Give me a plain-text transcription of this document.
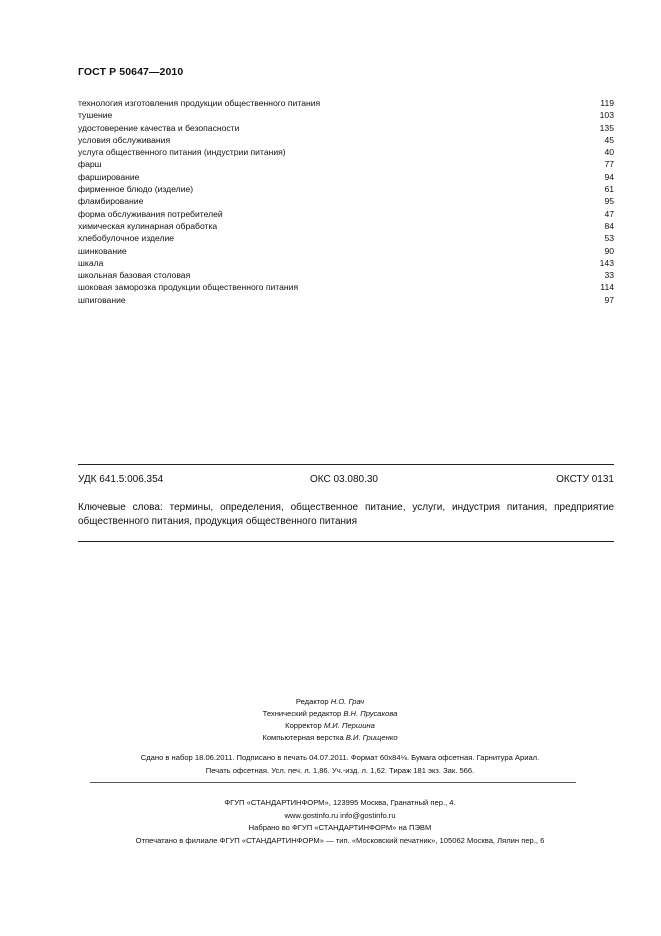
ГОСТ Р 50647—2010
технология изготовления продукции общественного питания	119
тушение	103
удостоверение качества и безопасности	135
условия обслуживания	45
услуга общественного питания (индустрии питания)	40
фарш	77
фарширование	94
фирменное блюдо (изделие)	61
фламбирование	95
форма обслуживания потребителей	47
химическая кулинарная обработка	84
хлебобулочное изделие	53
шинкование	90
шкала	143
школьная базовая столовая	33
шоковая заморозка продукции общественного питания	114
шпигование	97
УДК 641.5:006.354	ОКС 03.080.30	ОКСТУ 0131
Ключевые слова: термины, определения, общественное питание, услуги, индустрия питания, предприятие общественного питания, продукция общественного питания
Редактор Н.О. Грач
Технический редактор В.Н. Прусакова
Корректор М.И. Першина
Компьютерная верстка В.И. Грищенко
Сдано в набор 18.06.2011. Подписано в печать 04.07.2011. Формат 60x84⅛. Бумага офсетная. Гарнитура Ариал.
Печать офсетная. Усл. печ. л. 1,86. Уч.-изд. л. 1,62. Тираж 181 экз. Зак. 566.
ФГУП «СТАНДАРТИНФОРМ», 123995 Москва, Гранатный пер., 4.
www.gostinfo.ru info@gostinfo.ru
Набрано во ФГУП «СТАНДАРТИНФОРМ» на ПЭВМ
Отпечатано в филиале ФГУП «СТАНДАРТИНФОРМ» — тип. «Московский печатник», 105062 Москва, Лялин пер., 6
